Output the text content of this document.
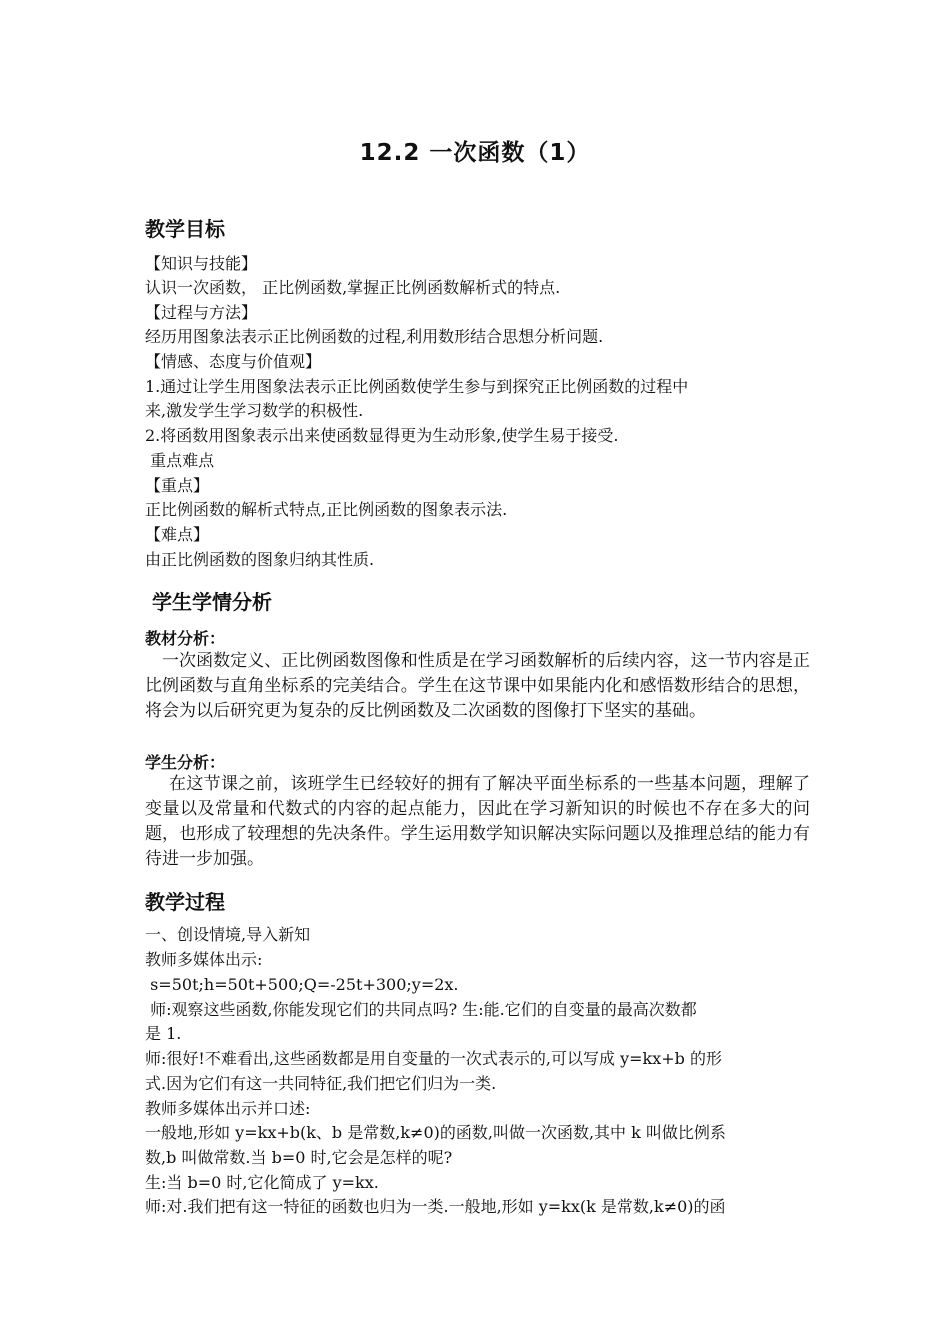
12.2 一次函数（1）
教学目标
【知识与技能】
认识一次函数， 正比例函数,掌握正比例函数解析式的特点.
【过程与方法】
经历用图象法表示正比例函数的过程,利用数形结合思想分析问题.
【情感、态度与价值观】
1.通过让学生用图象法表示正比例函数使学生参与到探究正比例函数的过程中
来,激发学生学习数学的积极性.
2.将函数用图象表示出来使函数显得更为生动形象,使学生易于接受.
重点难点
【重点】
正比例函数的解析式特点,正比例函数的图象表示法.
【难点】
由正比例函数的图象归纳其性质.
学生学情分析
教材分析：

一次函数定义、正比例函数图像和性质是在学习函数解析的后续内容，这一节内容是正比例函数与直角坐标系的完美结合。学生在这节课中如果能内化和感悟数形结合的思想，将会为以后研究更为复杂的反比例函数及二次函数的图像打下坚实的基础。

学生分析：

在这节课之前，该班学生已经较好的拥有了解决平面坐标系的一些基本问题，理解了变量以及常量和代数式的内容的起点能力，因此在学习新知识的时候也不存在多大的问题，也形成了较理想的先决条件。学生运用数学知识解决实际问题以及推理总结的能力有待进一步加强。

教学过程
一、创设情境,导入新知
教师多媒体出示:
s=50t;h=50t+500;Q=-25t+300;y=2x.
师:观察这些函数,你能发现它们的共同点吗? 生:能.它们的自变量的最高次数都
是 1.
师:很好!不难看出,这些函数都是用自变量的一次式表示的,可以写成 y=kx+b 的形
式.因为它们有这一共同特征,我们把它们归为一类.
教师多媒体出示并口述:
一般地,形如 y=kx+b(k、b 是常数,k≠0)的函数,叫做一次函数,其中 k 叫做比例系
数,b 叫做常数.当 b=0 时,它会是怎样的呢?
生:当 b=0 时,它化简成了 y=kx.
师:对.我们把有这一特征的函数也归为一类.一般地,形如 y=kx(k 是常数,k≠0)的函
